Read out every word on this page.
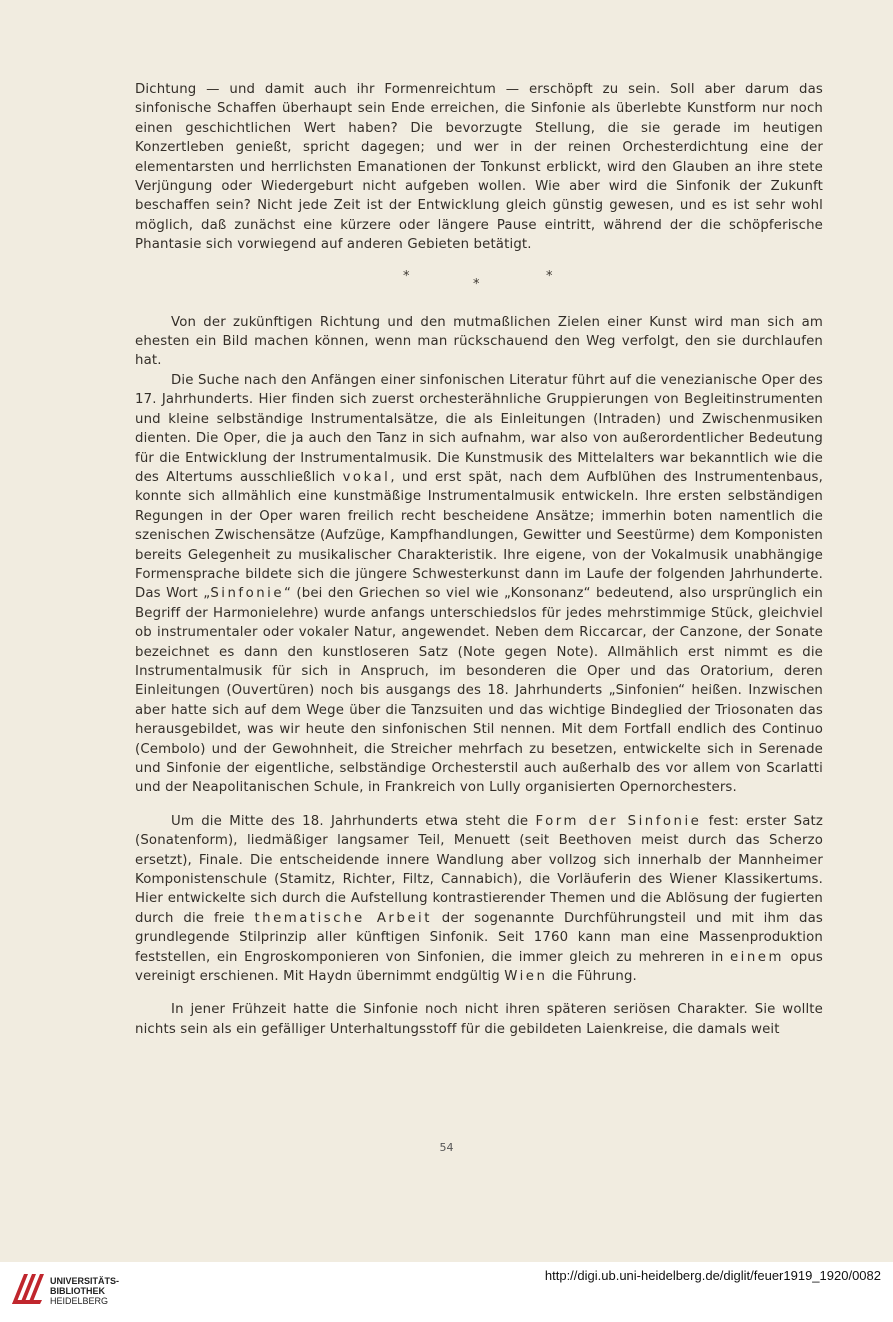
Dichtung — und damit auch ihr Formenreichtum — erschöpft zu sein. Soll aber darum das sinfonische Schaffen überhaupt sein Ende erreichen, die Sinfonie als überlebte Kunstform nur noch einen geschichtlichen Wert haben? Die bevorzugte Stellung, die sie gerade im heutigen Konzertleben genießt, spricht dagegen; und wer in der reinen Orchesterdichtung eine der elementarsten und herrlichsten Emanationen der Tonkunst erblickt, wird den Glauben an ihre stete Verjüngung oder Wiedergeburt nicht aufgeben wollen. Wie aber wird die Sinfonik der Zukunft beschaffen sein? Nicht jede Zeit ist der Entwicklung gleich günstig gewesen, und es ist sehr wohl möglich, daß zunächst eine kürzere oder längere Pause eintritt, während der die schöpferische Phantasie sich vorwiegend auf anderen Gebieten betätigt.

*
*
*

Von der zukünftigen Richtung und den mutmaßlichen Zielen einer Kunst wird man sich am ehesten ein Bild machen können, wenn man rückschauend den Weg verfolgt, den sie durchlaufen hat.

Die Suche nach den Anfängen einer sinfonischen Literatur führt auf die venezianische Oper des 17. Jahrhunderts. Hier finden sich zuerst orchesterähnliche Gruppierungen von Begleitinstrumenten und kleine selbständige Instrumentalsätze, die als Einleitungen (Intraden) und Zwischenmusiken dienten. Die Oper, die ja auch den Tanz in sich aufnahm, war also von außerordentlicher Bedeutung für die Entwicklung der Instrumentalmusik. Die Kunstmusik des Mittelalters war bekanntlich wie die des Altertums ausschließlich vokal, und erst spät, nach dem Aufblühen des Instrumentenbaus, konnte sich allmählich eine kunstmäßige Instrumentalmusik entwickeln. Ihre ersten selbständigen Regungen in der Oper waren freilich recht bescheidene Ansätze; immerhin boten namentlich die szenischen Zwischensätze (Aufzüge, Kampfhandlungen, Gewitter und Seestürme) dem Komponisten bereits Gelegenheit zu musikalischer Charakteristik. Ihre eigene, von der Vokalmusik unabhängige Formensprache bildete sich die jüngere Schwesterkunst dann im Laufe der folgenden Jahrhunderte. Das Wort „Sinfonie“ (bei den Griechen so viel wie „Konsonanz“ bedeutend, also ursprünglich ein Begriff der Harmonielehre) wurde anfangs unterschiedslos für jedes mehrstimmige Stück, gleichviel ob instrumentaler oder vokaler Natur, angewendet. Neben dem Riccarcar, der Canzone, der Sonate bezeichnet es dann den kunstloseren Satz (Note gegen Note). Allmählich erst nimmt es die Instrumentalmusik für sich in Anspruch, im besonderen die Oper und das Oratorium, deren Einleitungen (Ouvertüren) noch bis ausgangs des 18. Jahrhunderts „Sinfonien“ heißen. Inzwischen aber hatte sich auf dem Wege über die Tanzsuiten und das wichtige Bindeglied der Triosonaten das herausgebildet, was wir heute den sinfonischen Stil nennen. Mit dem Fortfall endlich des Continuo (Cembolo) und der Gewohnheit, die Streicher mehrfach zu besetzen, entwickelte sich in Serenade und Sinfonie der eigentliche, selbständige Orchesterstil auch außerhalb des vor allem von Scarlatti und der Neapolitanischen Schule, in Frankreich von Lully organisierten Opernorchesters.

Um die Mitte des 18. Jahrhunderts etwa steht die Form der Sinfonie fest: erster Satz (Sonatenform), liedmäßiger langsamer Teil, Menuett (seit Beethoven meist durch das Scherzo ersetzt), Finale. Die entscheidende innere Wandlung aber vollzog sich innerhalb der Mannheimer Komponistenschule (Stamitz, Richter, Filtz, Cannabich), die Vorläuferin des Wiener Klassikertums. Hier entwickelte sich durch die Aufstellung kontrastierender Themen und die Ablösung der fugierten durch die freie thematische Arbeit der sogenannte Durchführungsteil und mit ihm das grundlegende Stilprinzip aller künftigen Sinfonik. Seit 1760 kann man eine Massenproduktion feststellen, ein Engroskomponieren von Sinfonien, die immer gleich zu mehreren in einem opus vereinigt erschienen. Mit Haydn übernimmt endgültig Wien die Führung.

In jener Frühzeit hatte die Sinfonie noch nicht ihren späteren seriösen Charakter. Sie wollte nichts sein als ein gefälliger Unterhaltungsstoff für die gebildeten Laienkreise, die damals weit

54
UNIVERSITÄTS-
BIBLIOTHEK
HEIDELBERG
http://digi.ub.uni-heidelberg.de/diglit/feuer1919_1920/0082
